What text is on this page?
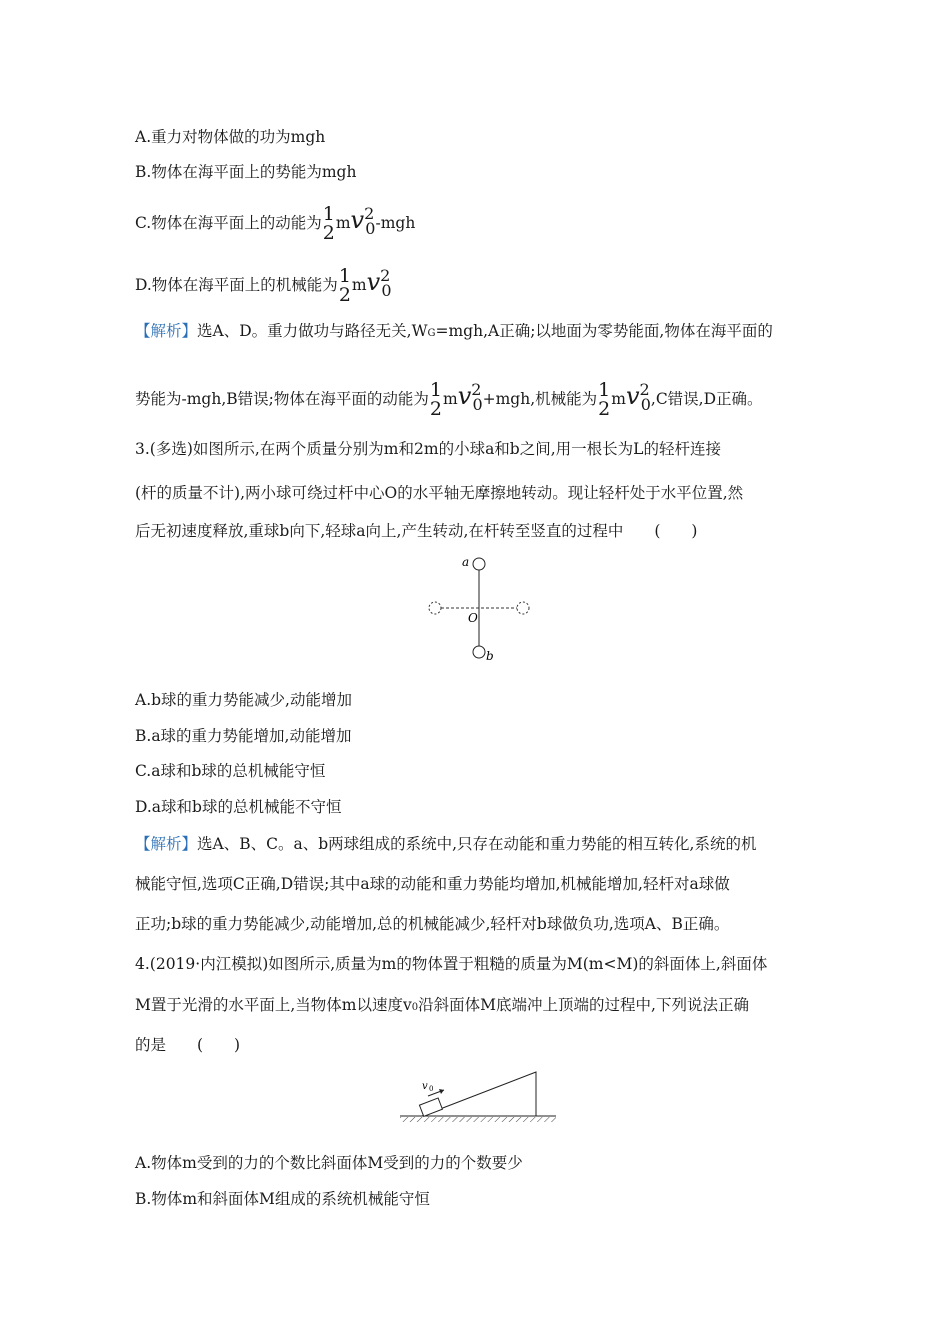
A.重力对物体做的功为mgh
B.物体在海平面上的势能为mgh
C.物体在海平面上的动能为 1
2 $mv^2_0$-mgh
D.物体在海平面上的机械能为 1
2 $mv^2_0$
【解析】选A、D。重力做功与路径无关,WG=mgh,A正确;以地面为零势能面,物体在海平面的
势能为-mgh,B错误;物体在海平面的动能为 1
2 $mv^2_0+mgh$,机械能为 1
2 $mv^2_0,C$错误,D正确。
3.(多选)如图所示,在两个质量分别为m和2m的小球a和b之间,用一根长为L的轻杆连接
(杆的质量不计),两小球可绕过杆中心O的水平轴无摩擦地转动。现让轻杆处于水平位置,然
后无初速度释放,重球b向下,轻球a向上,产生转动,在杆转至竖直的过程中　　(　　)
a
O
b
A.b球的重力势能减少,动能增加
B.a球的重力势能增加,动能增加
C.a球和b球的总机械能守恒
D.a球和b球的总机械能不守恒
【解析】选A、B、C。a、b两球组成的系统中,只存在动能和重力势能的相互转化,系统的机
械能守恒,选项C正确,D错误;其中a球的动能和重力势能均增加,机械能增加,轻杆对a球做
正功;b球的重力势能减少,动能增加,总的机械能减少,轻杆对b球做负功,选项A、B正确。
4.(2019·内江模拟)如图所示,质量为m的物体置于粗糙的质量为M(m<M)的斜面体上,斜面体
M置于光滑的水平面上,当物体m以速度v0沿斜面体M底端冲上顶端的过程中,下列说法正确
的是　　(　　)
v 0
A.物体m受到的力的个数比斜面体M受到的力的个数要少
B.物体m和斜面体M组成的系统机械能守恒
